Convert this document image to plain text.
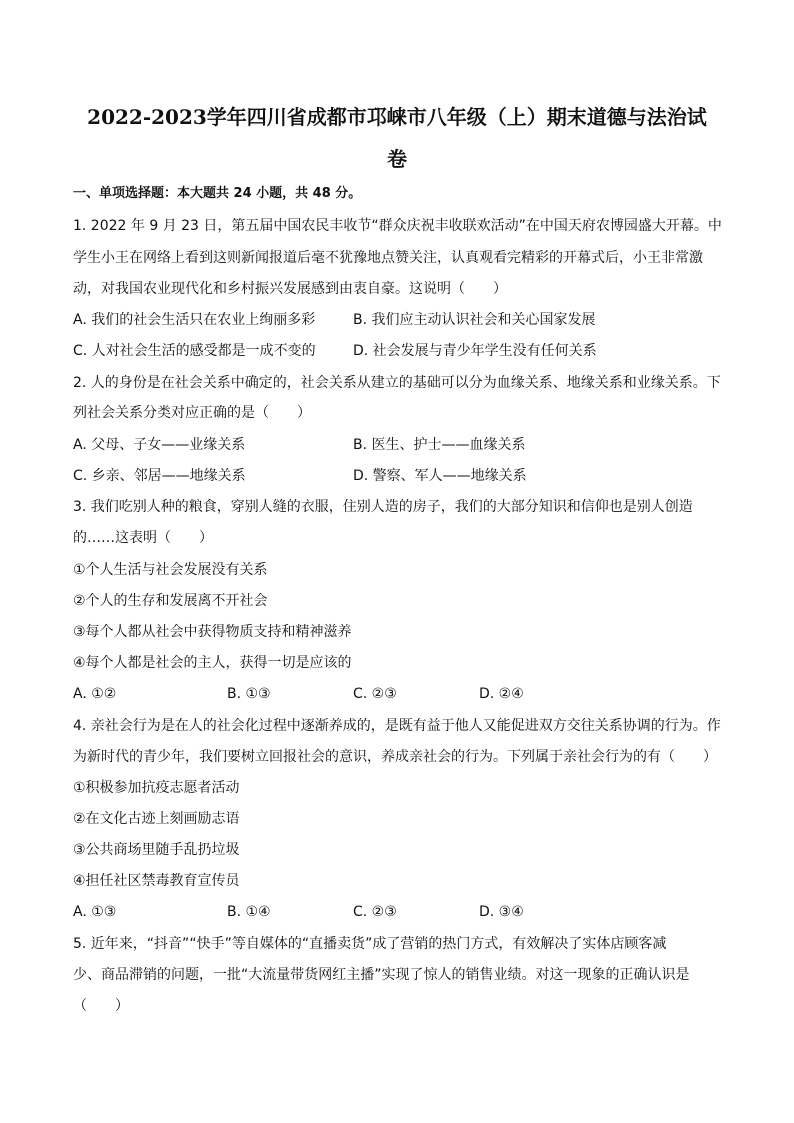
2022-2023学年四川省成都市邛崃市八年级（上）期末道德与法治试
卷
一、单项选择题：本大题共 24 小题，共 48 分。
1. 2022 年 9 月 23 日，第五届中国农民丰收节“群众庆祝丰收联欢活动”在中国天府农博园盛大开幕。中
学生小王在网络上看到这则新闻报道后毫不犹豫地点赞关注，认真观看完精彩的开幕式后，小王非常激
动，对我国农业现代化和乡村振兴发展感到由衷自豪。这说明（　　）
A. 我们的社会生活只在农业上绚丽多彩	B. 我们应主动认识社会和关心国家发展
C. 人对社会生活的感受都是一成不变的	D. 社会发展与青少年学生没有任何关系
2. 人的身份是在社会关系中确定的，社会关系从建立的基础可以分为血缘关系、地缘关系和业缘关系。下
列社会关系分类对应正确的是（　　）
A. 父母、子女——业缘关系	B. 医生、护士——血缘关系
C. 乡亲、邻居——地缘关系	D. 警察、军人——地缘关系
3. 我们吃别人种的粮食，穿别人缝的衣服，住别人造的房子，我们的大部分知识和信仰也是别人创造
的……这表明（　　）
①个人生活与社会发展没有关系
②个人的生存和发展离不开社会
③每个人都从社会中获得物质支持和精神滋养
④每个人都是社会的主人，获得一切是应该的
A. ①②	B. ①③	C. ②③	D. ②④
4. 亲社会行为是在人的社会化过程中逐渐养成的，是既有益于他人又能促进双方交往关系协调的行为。作
为新时代的青少年，我们要树立回报社会的意识，养成亲社会的行为。下列属于亲社会行为的有（　　）
①积极参加抗疫志愿者活动
②在文化古迹上刻画励志语
③公共商场里随手乱扔垃圾
④担任社区禁毒教育宣传员
A. ①③	B. ①④	C. ②③	D. ③④
5. 近年来，“抖音”“快手”等自媒体的“直播卖货”成了营销的热门方式，有效解决了实体店顾客减
少、商品滞销的问题，一批“大流量带货网红主播”实现了惊人的销售业绩。对这一现象的正确认识是
（　　）
